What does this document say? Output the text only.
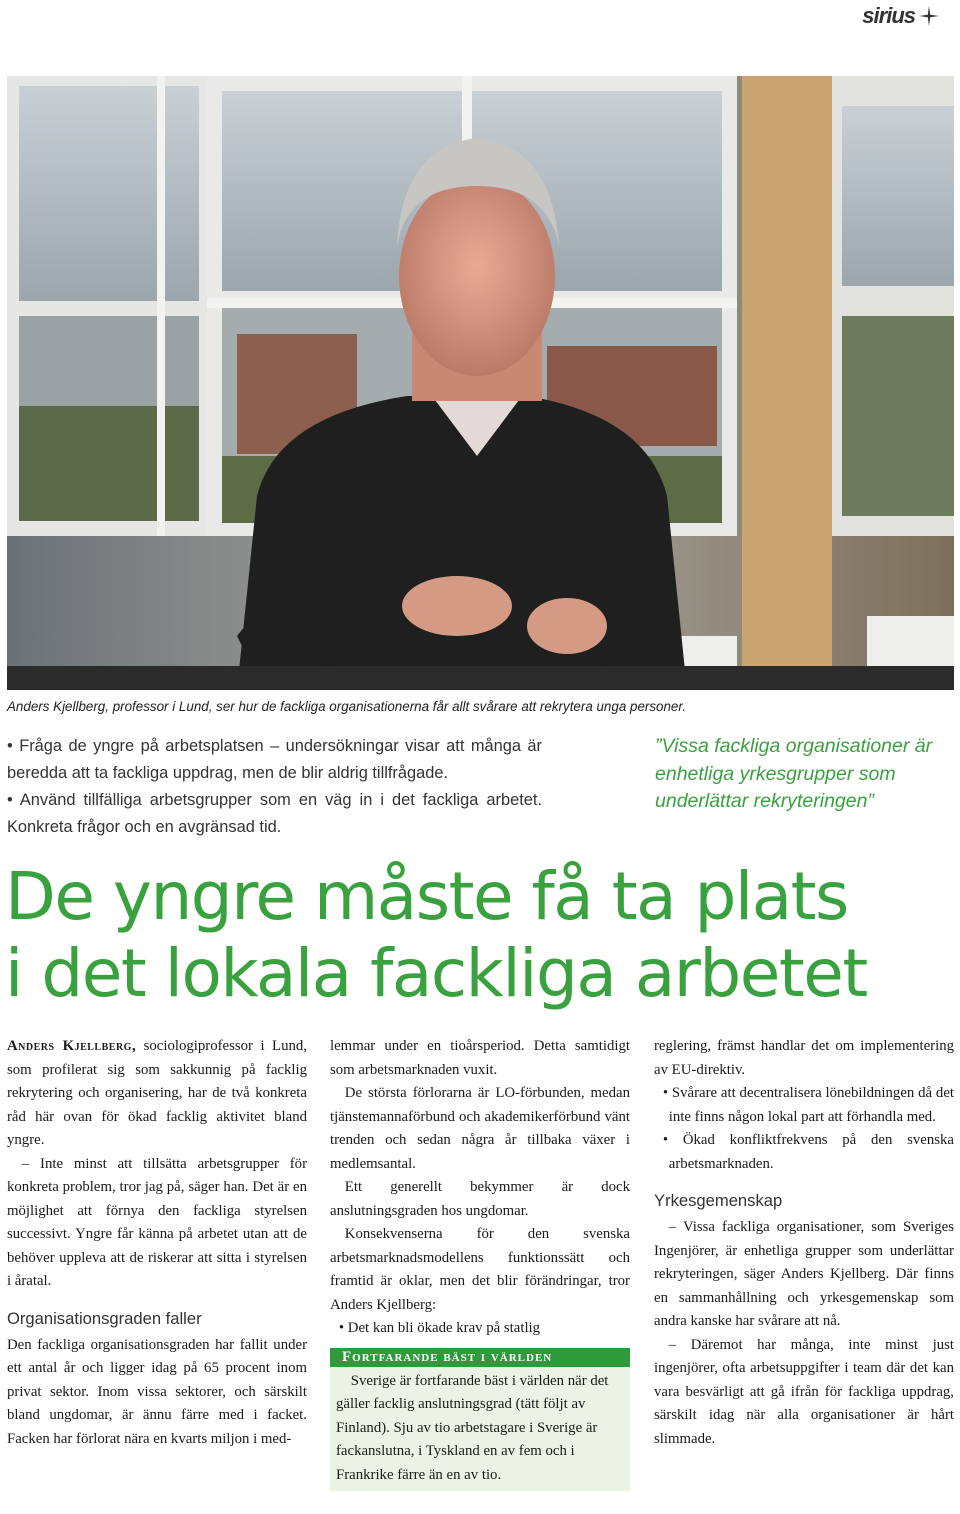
sirius

Anders Kjellberg, professor i Lund, ser hur de fackliga organisationerna får allt svårare att rekrytera unga personer.

• Fråga de yngre på arbetsplatsen – undersökningar visar att många är beredda att ta fackliga uppdrag, men de blir aldrig tillfrågade.

• Använd tillfälliga arbetsgrupper som en väg in i det fackliga arbetet. Konkreta frågor och en avgränsad tid.

”Vissa fackliga organisationer är enhetliga yrkesgrupper som underlättar rekryteringen”

De yngre måste få ta plats
i det lokala fackliga arbetet

Anders Kjellberg, sociologiprofessor i Lund, som profilerat sig som sakkunnig på facklig rekrytering och organisering, har de två konkreta råd här ovan för ökad facklig aktivitet bland yngre.

– Inte minst att tillsätta arbetsgrupper för konkreta problem, tror jag på, säger han. Det är en möjlighet att förnya den fackliga styrelsen successivt. Yngre får känna på arbetet utan att de behöver uppleva att de riskerar att sitta i styrelsen i åratal.

Organisationsgraden faller

Den fackliga organisationsgraden har fallit under ett antal år och ligger idag på 65 procent inom privat sektor. Inom vissa sektorer, och särskilt bland ungdomar, är ännu färre med i facket. Facken har förlorat nära en kvarts miljon i med-

lemmar under en tioårsperiod. Detta samtidigt som arbetsmarknaden vuxit.

De största förlorarna är LO-förbunden, medan tjänstemannaförbund och akademikerförbund vänt trenden och sedan några år tillbaka växer i medlemsantal.

Ett generellt bekymmer är dock anslutningsgraden hos ungdomar.

Konsekvenserna för den svenska arbetsmarknadsmodellens funktionssätt och framtid är oklar, men det blir förändringar, tror Anders Kjellberg:

• Det kan bli ökade krav på statlig

Fortfarande bäst i världen

Sverige är fortfarande bäst i världen när det gäller facklig anslutningsgrad (tätt följt av Finland). Sju av tio arbetstagare i Sverige är fackanslutna, i Tyskland en av fem och i Frankrike färre än en av tio.

reglering, främst handlar det om implementering av EU-direktiv.

• Svårare att decentralisera lönebildningen då det inte finns någon lokal part att förhandla med.

• Ökad konfliktfrekvens på den svenska arbetsmarknaden.

Yrkesgemenskap

– Vissa fackliga organisationer, som Sveriges Ingenjörer, är enhetliga grupper som underlättar rekryteringen, säger Anders Kjellberg. Där finns en sammanhållning och yrkesgemenskap som andra kanske har svårare att nå.

– Däremot har många, inte minst just ingenjörer, ofta arbetsuppgifter i team där det kan vara besvärligt att gå ifrån för fackliga uppdrag, särskilt idag när alla organisationer är hårt slimmade.
